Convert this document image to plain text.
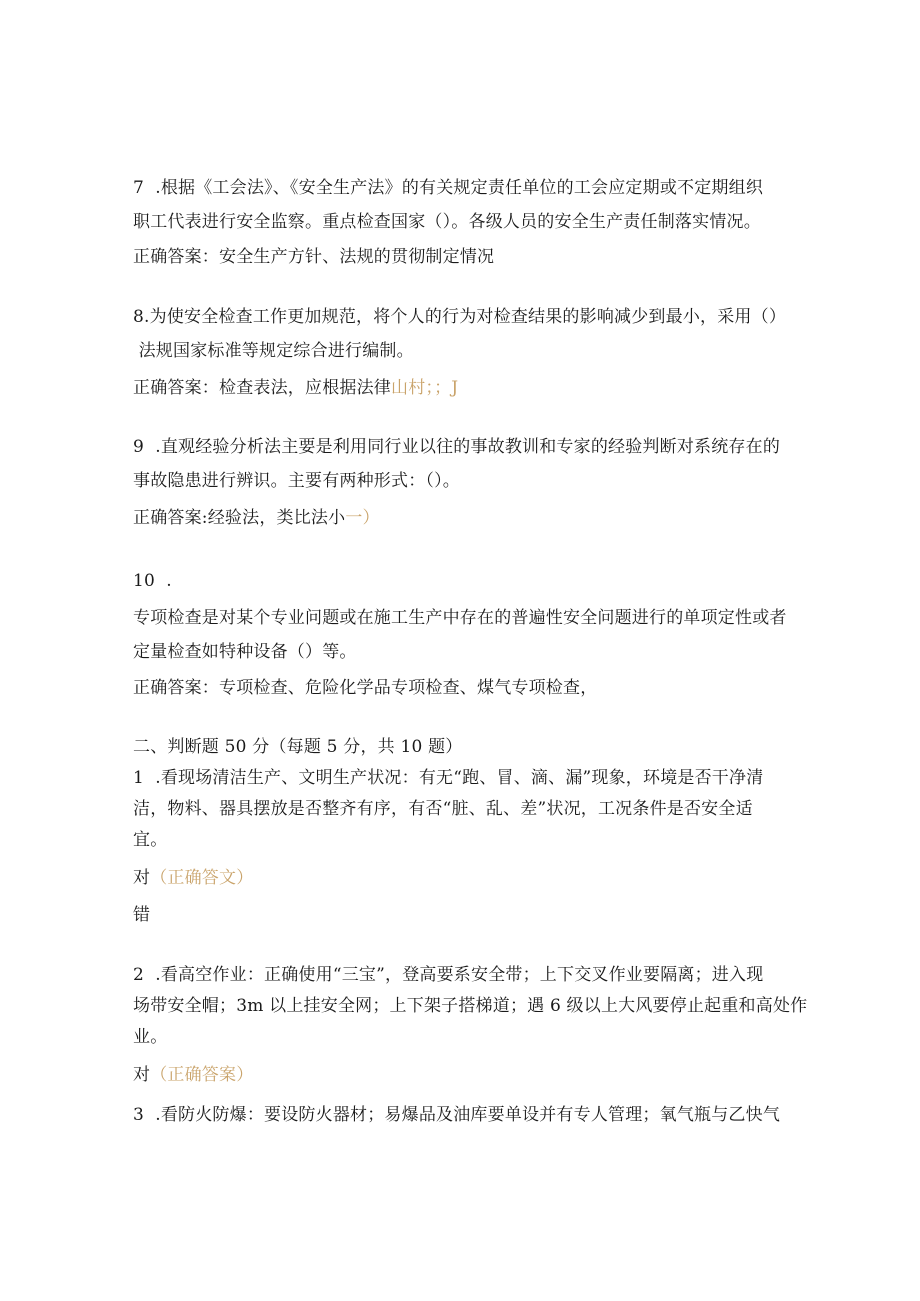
7  .根据《工会法》、《安全生产法》的有关规定责任单位的工会应定期或不定期组织
职工代表进行安全监察。重点检查国家（）。各级人员的安全生产责任制落实情况。
正确答案：安全生产方针、法规的贯彻制定情况
8.为使安全检查工作更加规范，将个人的行为对检查结果的影响减少到最小，采用（）
法规国家标准等规定综合进行编制。
正确答案：检查表法，应根据法律山村；；J
9  .直观经验分析法主要是利用同行业以往的事故教训和专家的经验判断对系统存在的
事故隐患进行辨识。主要有两种形式：（）。
正确答案:经验法，类比法小一）
10  .
专项检查是对某个专业问题或在施工生产中存在的普遍性安全问题进行的单项定性或者
定量检查如特种设备（）等。
正确答案：专项检查、危险化学品专项检查、煤气专项检查，
二、判断题 50 分（每题 5 分，共 10 题）
1  .看现场清洁生产、文明生产状况：有无“跑、冒、滴、漏”现象，环境是否干净清
洁，物料、器具摆放是否整齐有序，有否“脏、乱、差”状况，工况条件是否安全适
宜。
对（正确答文）
错
2  .看高空作业：正确使用“三宝”，登高要系安全带；上下交叉作业要隔离；进入现
场带安全帽；3m 以上挂安全网；上下架子搭梯道；遇 6 级以上大风要停止起重和高处作
业。
对（正确答案）
3  .看防火防爆：要设防火器材；易爆品及油库要单设并有专人管理；氧气瓶与乙快气
